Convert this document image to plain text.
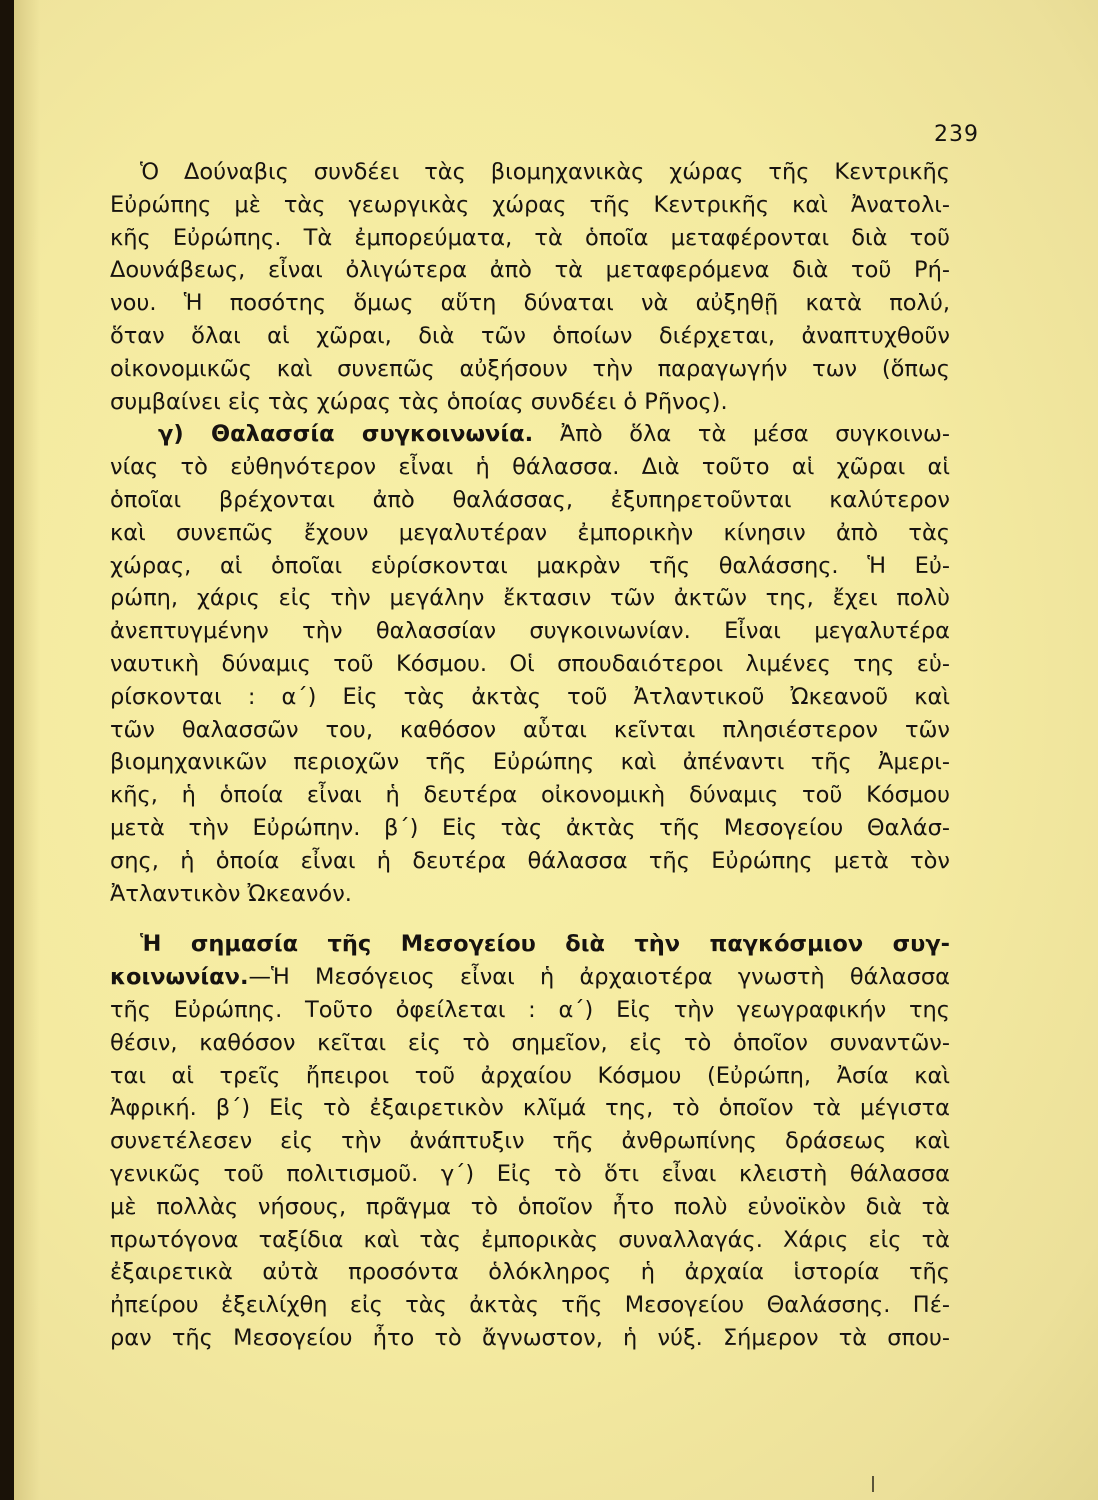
239
Ὁ Δούναβις συνδέει τὰς βιομηχανικὰς χώρας τῆς Κεντρικῆς
Εὐρώπης μὲ τὰς γεωργικὰς χώρας τῆς Κεντρικῆς καὶ Ἀνατολι-
κῆς Εὐρώπης. Τὰ ἐμπορεύματα, τὰ ὁποῖα μεταφέρονται διὰ τοῦ
Δουνάβεως, εἶναι ὀλιγώτερα ἀπὸ τὰ μεταφερόμενα διὰ τοῦ Ρή-
νου. Ἡ ποσότης ὅμως αὕτη δύναται νὰ αὐξηθῇ κατὰ πολύ,
ὅταν ὅλαι αἱ χῶραι, διὰ τῶν ὁποίων διέρχεται, ἀναπτυχθοῦν
οἰκονομικῶς καὶ συνεπῶς αὐξήσουν τὴν παραγωγήν των (ὅπως
συμβαίνει εἰς τὰς χώρας τὰς ὁποίας συνδέει ὁ Ρῆνος).
γ) Θαλασσία συγκοινωνία. Ἀπὸ ὅλα τὰ μέσα συγκοινω-
νίας τὸ εὐθηνότερον εἶναι ἡ θάλασσα. Διὰ τοῦτο αἱ χῶραι αἱ
ὁποῖαι βρέχονται ἀπὸ θαλάσσας, ἐξυπηρετοῦνται καλύτερον
καὶ συνεπῶς ἔχουν μεγαλυτέραν ἐμπορικὴν κίνησιν ἀπὸ τὰς
χώρας, αἱ ὁποῖαι εὑρίσκονται μακρὰν τῆς θαλάσσης. Ἡ Εὐ-
ρώπη, χάρις εἰς τὴν μεγάλην ἔκτασιν τῶν ἀκτῶν της, ἔχει πολὺ
ἀνεπτυγμένην τὴν θαλασσίαν συγκοινωνίαν. Εἶναι μεγαλυτέρα
ναυτικὴ δύναμις τοῦ Κόσμου. Οἱ σπουδαιότεροι λιμένες της εὑ-
ρίσκονται : α΄) Εἰς τὰς ἀκτὰς τοῦ Ἀτλαντικοῦ Ὠκεανοῦ καὶ
τῶν θαλασσῶν του, καθόσον αὗται κεῖνται πλησιέστερον τῶν
βιομηχανικῶν περιοχῶν τῆς Εὐρώπης καὶ ἀπέναντι τῆς Ἀμερι-
κῆς, ἡ ὁποία εἶναι ἡ δευτέρα οἰκονομικὴ δύναμις τοῦ Κόσμου
μετὰ τὴν Εὐρώπην. β΄) Εἰς τὰς ἀκτὰς τῆς Μεσογείου Θαλάσ-
σης, ἡ ὁποία εἶναι ἡ δευτέρα θάλασσα τῆς Εὐρώπης μετὰ τὸν
Ἀτλαντικὸν Ὠκεανόν.
Ἡ σημασία τῆς Μεσογείου διὰ τὴν παγκόσμιον συγ-
κοινωνίαν.—Ἡ Μεσόγειος εἶναι ἡ ἀρχαιοτέρα γνωστὴ θάλασσα
τῆς Εὐρώπης. Τοῦτο ὀφείλεται : α΄) Εἰς τὴν γεωγραφικήν της
θέσιν, καθόσον κεῖται εἰς τὸ σημεῖον, εἰς τὸ ὁποῖον συναντῶν-
ται αἱ τρεῖς ἤπειροι τοῦ ἀρχαίου Κόσμου (Εὐρώπη, Ἀσία καὶ
Ἀφρική. β΄) Εἰς τὸ ἐξαιρετικὸν κλῖμά της, τὸ ὁποῖον τὰ μέγιστα
συνετέλεσεν εἰς τὴν ἀνάπτυξιν τῆς ἀνθρωπίνης δράσεως καὶ
γενικῶς τοῦ πολιτισμοῦ. γ΄) Εἰς τὸ ὅτι εἶναι κλειστὴ θάλασσα
μὲ πολλὰς νήσους, πρᾶγμα τὸ ὁποῖον ἦτο πολὺ εὐνοϊκὸν διὰ τὰ
πρωτόγονα ταξίδια καὶ τὰς ἐμπορικὰς συναλλαγάς. Χάρις εἰς τὰ
ἐξαιρετικὰ αὐτὰ προσόντα ὁλόκληρος ἡ ἀρχαία ἱστορία τῆς
ἠπείρου ἐξειλίχθη εἰς τὰς ἀκτὰς τῆς Μεσογείου Θαλάσσης. Πέ-
ραν τῆς Μεσογείου ἦτο τὸ ἄγνωστον, ἡ νύξ. Σήμερον τὰ σπου-
